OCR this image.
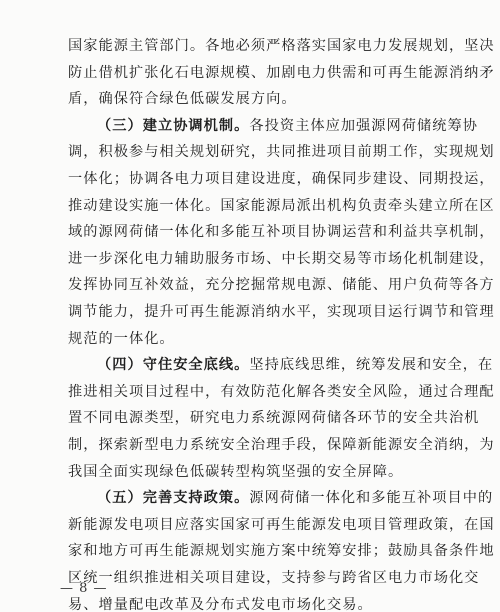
国家能源主管部门。各地必须严格落实国家电力发展规划，坚决
防止借机扩张化石电源规模、加剧电力供需和可再生能源消纳矛
盾，确保符合绿色低碳发展方向。
（三）建立协调机制。各投资主体应加强源网荷储统筹协
调，积极参与相关规划研究，共同推进项目前期工作，实现规划
一体化；协调各电力项目建设进度，确保同步建设、同期投运，
推动建设实施一体化。国家能源局派出机构负责牵头建立所在区
域的源网荷储一体化和多能互补项目协调运营和利益共享机制，
进一步深化电力辅助服务市场、中长期交易等市场化机制建设，
发挥协同互补效益，充分挖掘常规电源、储能、用户负荷等各方
调节能力，提升可再生能源消纳水平，实现项目运行调节和管理
规范的一体化。
（四）守住安全底线。坚持底线思维，统筹发展和安全，在
推进相关项目过程中，有效防范化解各类安全风险，通过合理配
置不同电源类型，研究电力系统源网荷储各环节的安全共治机
制，探索新型电力系统安全治理手段，保障新能源安全消纳，为
我国全面实现绿色低碳转型构筑坚强的安全屏障。
（五）完善支持政策。源网荷储一体化和多能互补项目中的
新能源发电项目应落实国家可再生能源发电项目管理政策，在国
家和地方可再生能源规划实施方案中统筹安排；鼓励具备条件地
区统一组织推进相关项目建设，支持参与跨省区电力市场化交
易、增量配电改革及分布式发电市场化交易。
— 8 —
